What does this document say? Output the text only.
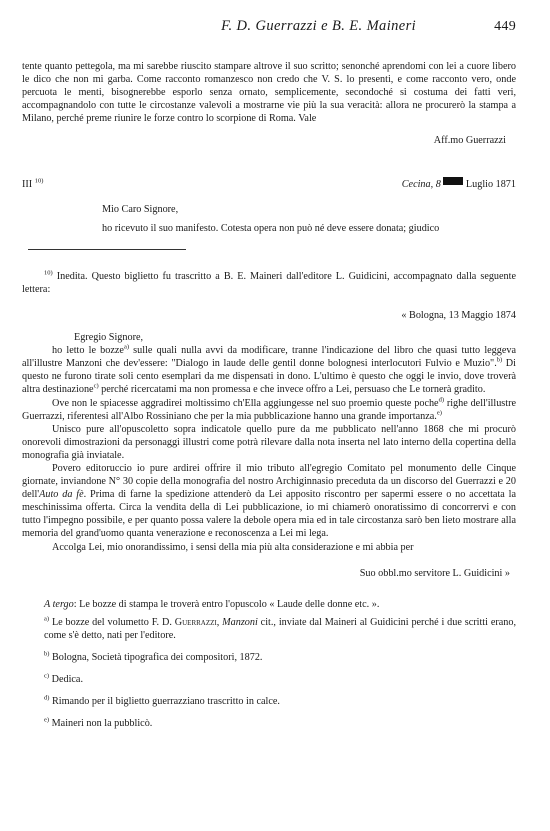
F. D. Guerrazzi e B. E. Maineri	449

tente quanto pettegola, ma mi sarebbe riuscito stampare altrove il suo scritto; senonché aprendomi con lei a cuore libero le dico che non mi garba. Come racconto romanzesco non credo che V. S. lo presenti, e come racconto vero, onde percuota le menti, bisognerebbe esporlo senza ornato, semplicemente, secondoché si costuma dei fatti veri, accompagnandolo con tutte le circostanze valevoli a mostrarne vie più la sua veracità: allora ne procurerò la stampa a Milano, perché preme riunire le forze contro lo scorpione di Roma. Vale

Aff.mo Guerrazzi

III $^{10)}$	Cecina, 8 Luglio 1871

Mio Caro Signore,

ho ricevuto il suo manifesto. Cotesta opera non può né deve essere donata; giudico

$^{10)}$ Inedita. Questo biglietto fu trascritto a B. E. Maineri dall'editore L. Guidicini, accompagnato dalla seguente lettera:

« Bologna, 13 Maggio 1874

Egregio Signore,

ho letto le bozze$^{a)}$ sulle quali nulla avvi da modificare, tranne l'indicazione del libro che quasi tutto leggeva all'illustre Manzoni che dev'essere: "Dialogo in laude delle gentil donne bolognesi interlocutori Fulvio e Muzio".$^{b)}$ Di questo ne furono tirate soli cento esemplari da me dispensati in dono. L'ultimo è questo che oggi le invio, dove troverà altra destinazione$^{c)}$ perché ricercatami ma non promessa e che invece offro a Lei, persuaso che Le tornerà gradito.

Ove non le spiacesse aggradirei moltissimo ch'Ella aggiungesse nel suo proemio queste poche$^{d)}$ righe dell'illustre Guerrazzi, riferentesi all'Albo Rossiniano che per la mia pubblicazione hanno una grande importanza.$^{e)}$

Unisco pure all'opuscoletto sopra indicatole quello pure da me pubblicato nell'anno 1868 che mi procurò onorevoli dimostrazioni da personaggi illustri come potrà rilevare dalla nota inserta nel lato interno della copertina della monografia già inviatale.

Povero editoruccio io pure ardirei offrire il mio tributo all'egregio Comitato pel monumento delle Cinque giornate, inviandone N° 30 copie della monografia del nostro Archiginnasio preceduta da un discorso del Guerrazzi e 20 dell'Auto da fè. Prima di farne la spedizione attenderò da Lei apposito riscontro per sapermi essere o no accettata la meschinissima offerta. Circa la vendita della di Lei pubblicazione, io mi chiamerò onoratissimo di concorrervi e con tutto l'impegno possibile, e per quanto possa valere la debole opera mia ed in tale circostanza sarò ben lieto mostrare alla memoria del grand'uomo quanta venerazione e reconoscenza a Lei mi lega.

Accolga Lei, mio onorandissimo, i sensi della mia più alta considerazione e mi abbia per

Suo obbl.mo servitore L. Guidicini »

A tergo: Le bozze di stampa le troverà entro l'opuscolo « Laude delle donne etc. ».

$^{a)}$ Le bozze del volumetto F. D. Guerrazzi, Manzoni cit., inviate dal Maineri al Guidicini perché i due scritti erano, come s'è detto, nati per l'editore.

$^{b)}$ Bologna, Società tipografica dei compositori, 1872.

$^{c)}$ Dedica.

$^{d)}$ Rimando per il biglietto guerrazziano trascritto in calce.

$^{e)}$ Maineri non la pubblicò.
